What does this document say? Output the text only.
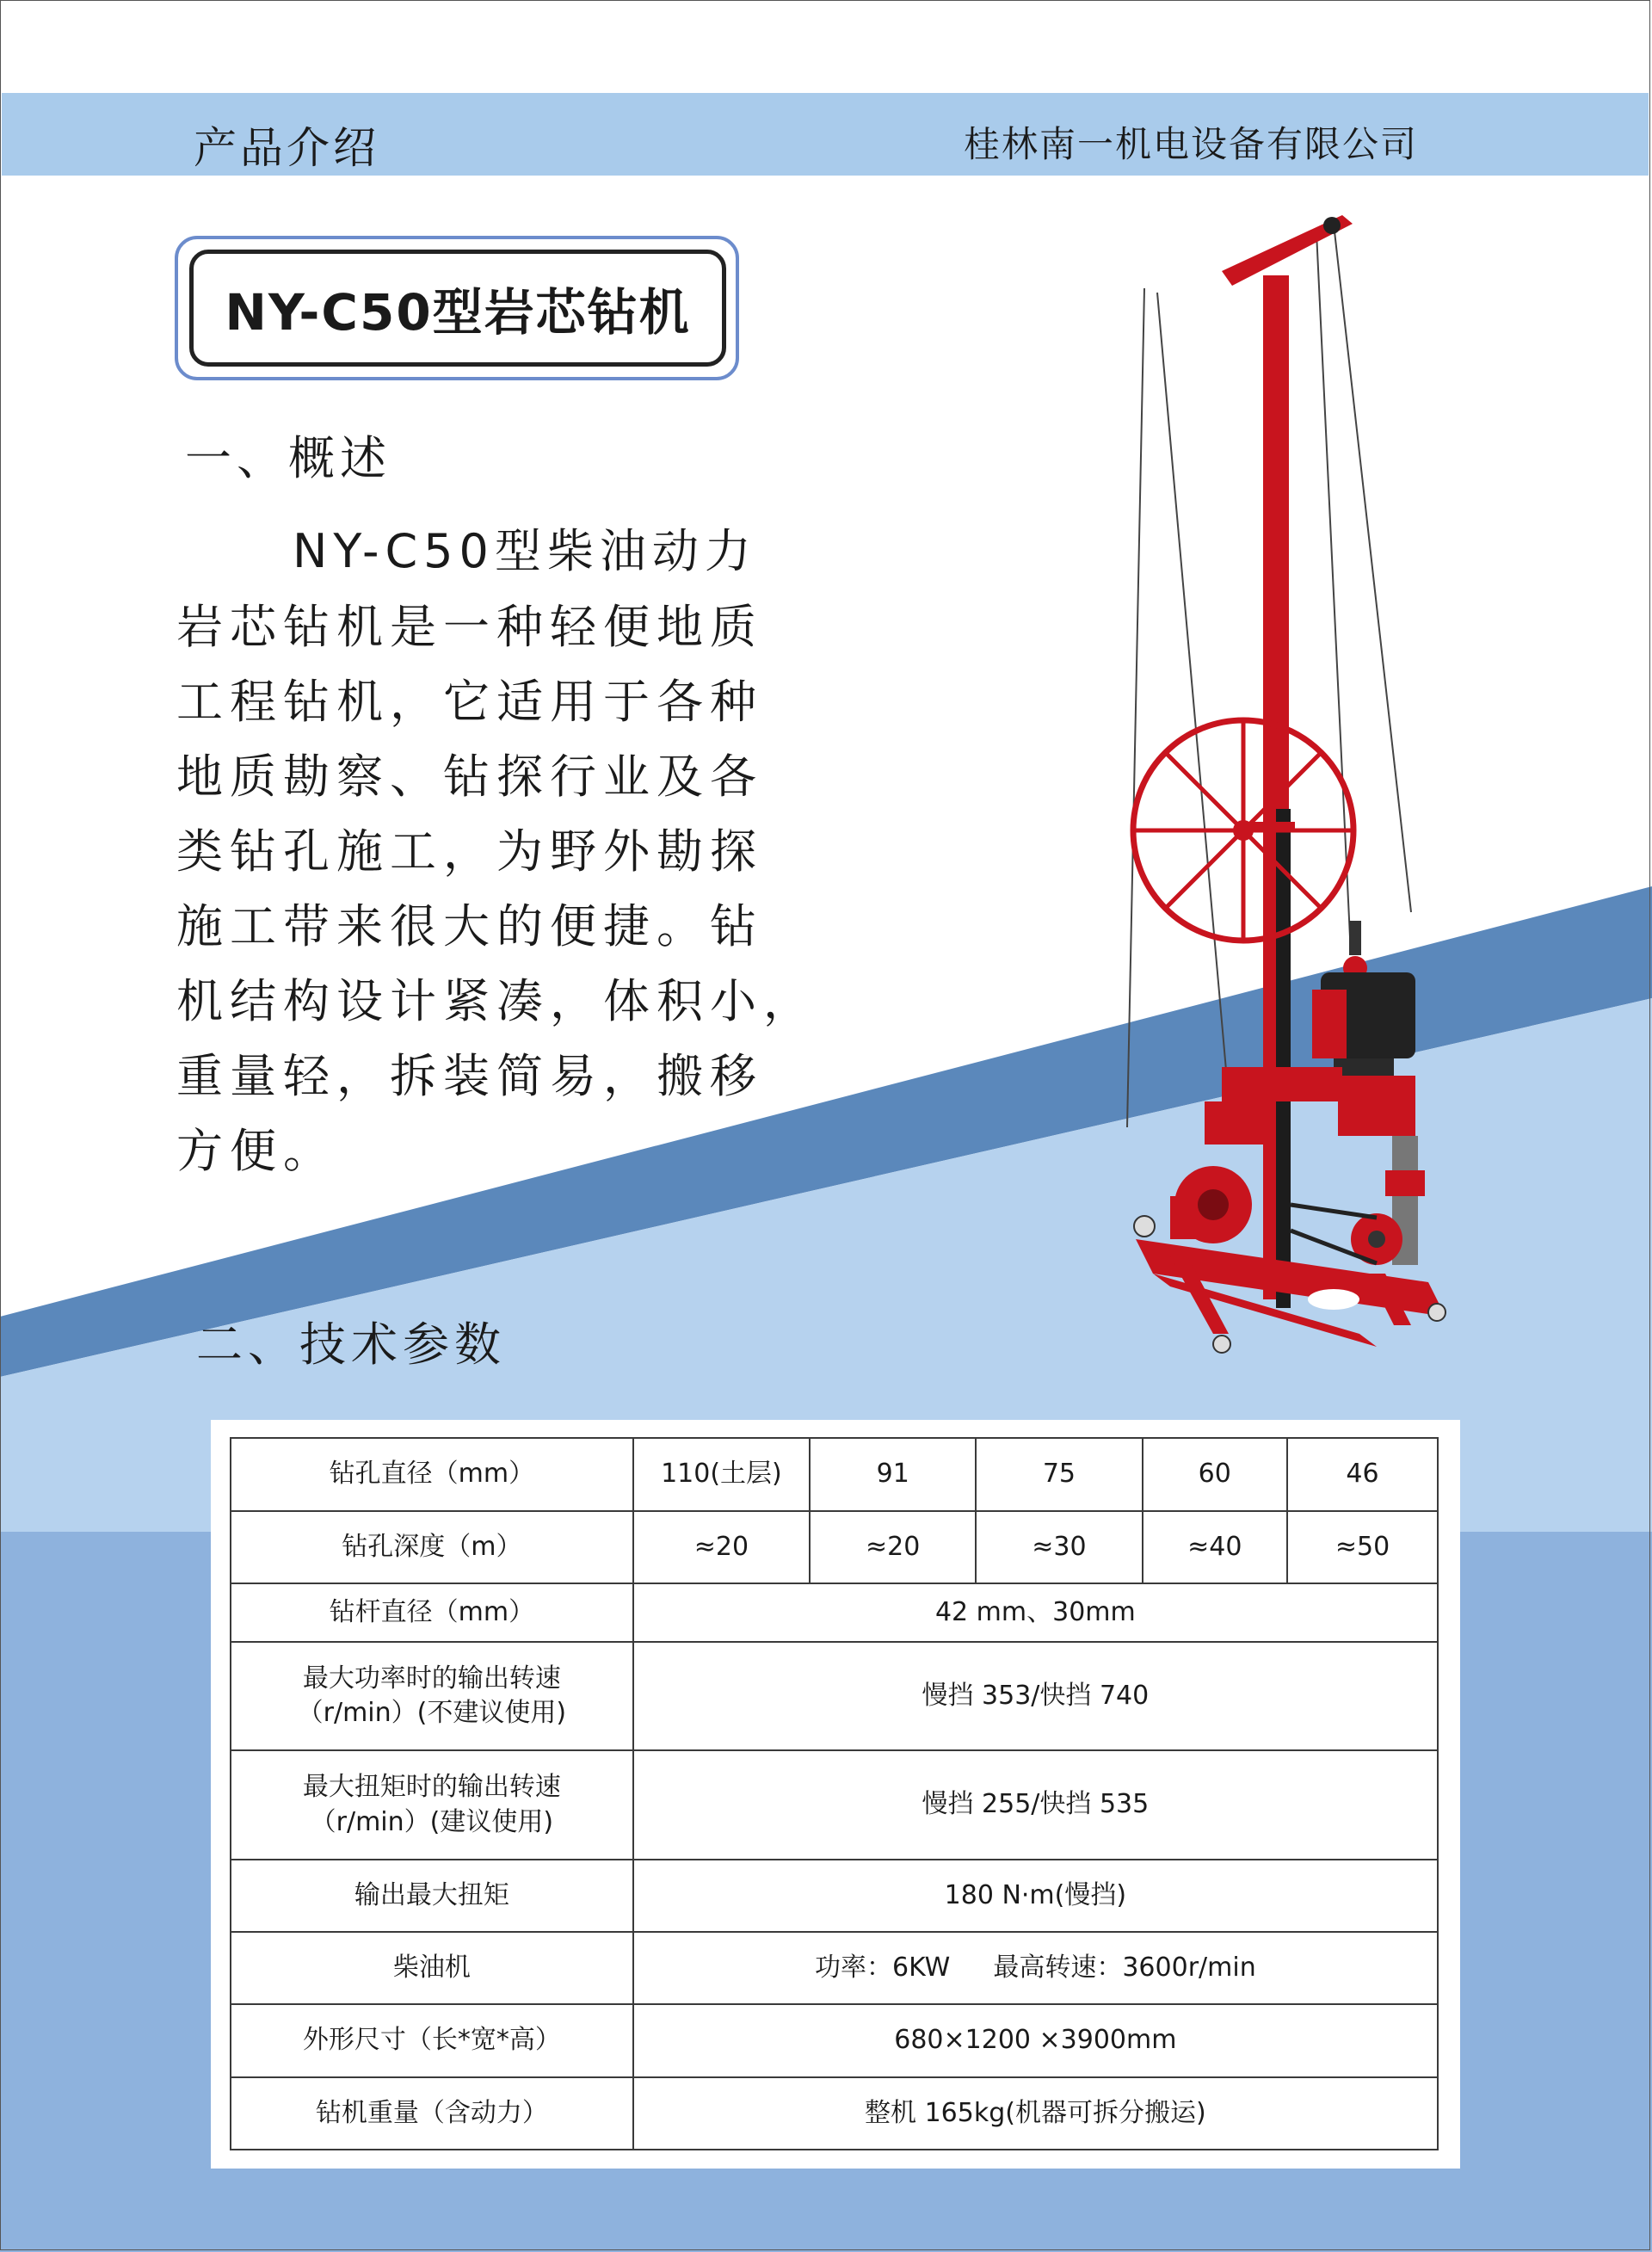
产品介绍	桂林南一机电设备有限公司
NY-C50型岩芯钻机
一、概述
NY-C50型柴油动力
岩芯钻机是一种轻便地质
工程钻机，它适用于各种
地质勘察、钻探行业及各
类钻孔施工，为野外勘探
施工带来很大的便捷。钻
机结构设计紧凑，体积小，
重量轻，拆装简易，搬移
方便。
二、技术参数
钻孔直径（mm）	110(土层)	91	75	60	46
钻孔深度（m）	≈20	≈20	≈30	≈40	≈50
钻杆直径（mm）	42 mm、30mm				

最大功率时的输出转速
（r/min）(不建议使用)	慢挡 353/快挡 740				

最大扭矩时的输出转速
（r/min）(建议使用)	慢挡 255/快挡 535				
输出最大扭矩	180 N·m(慢挡)				
柴油机	功率：6KW 最高转速：3600r/min				
外形尺寸（长*宽*高）	680×1200 ×3900mm				
钻机重量（含动力）	整机 165kg(机器可拆分搬运)				
